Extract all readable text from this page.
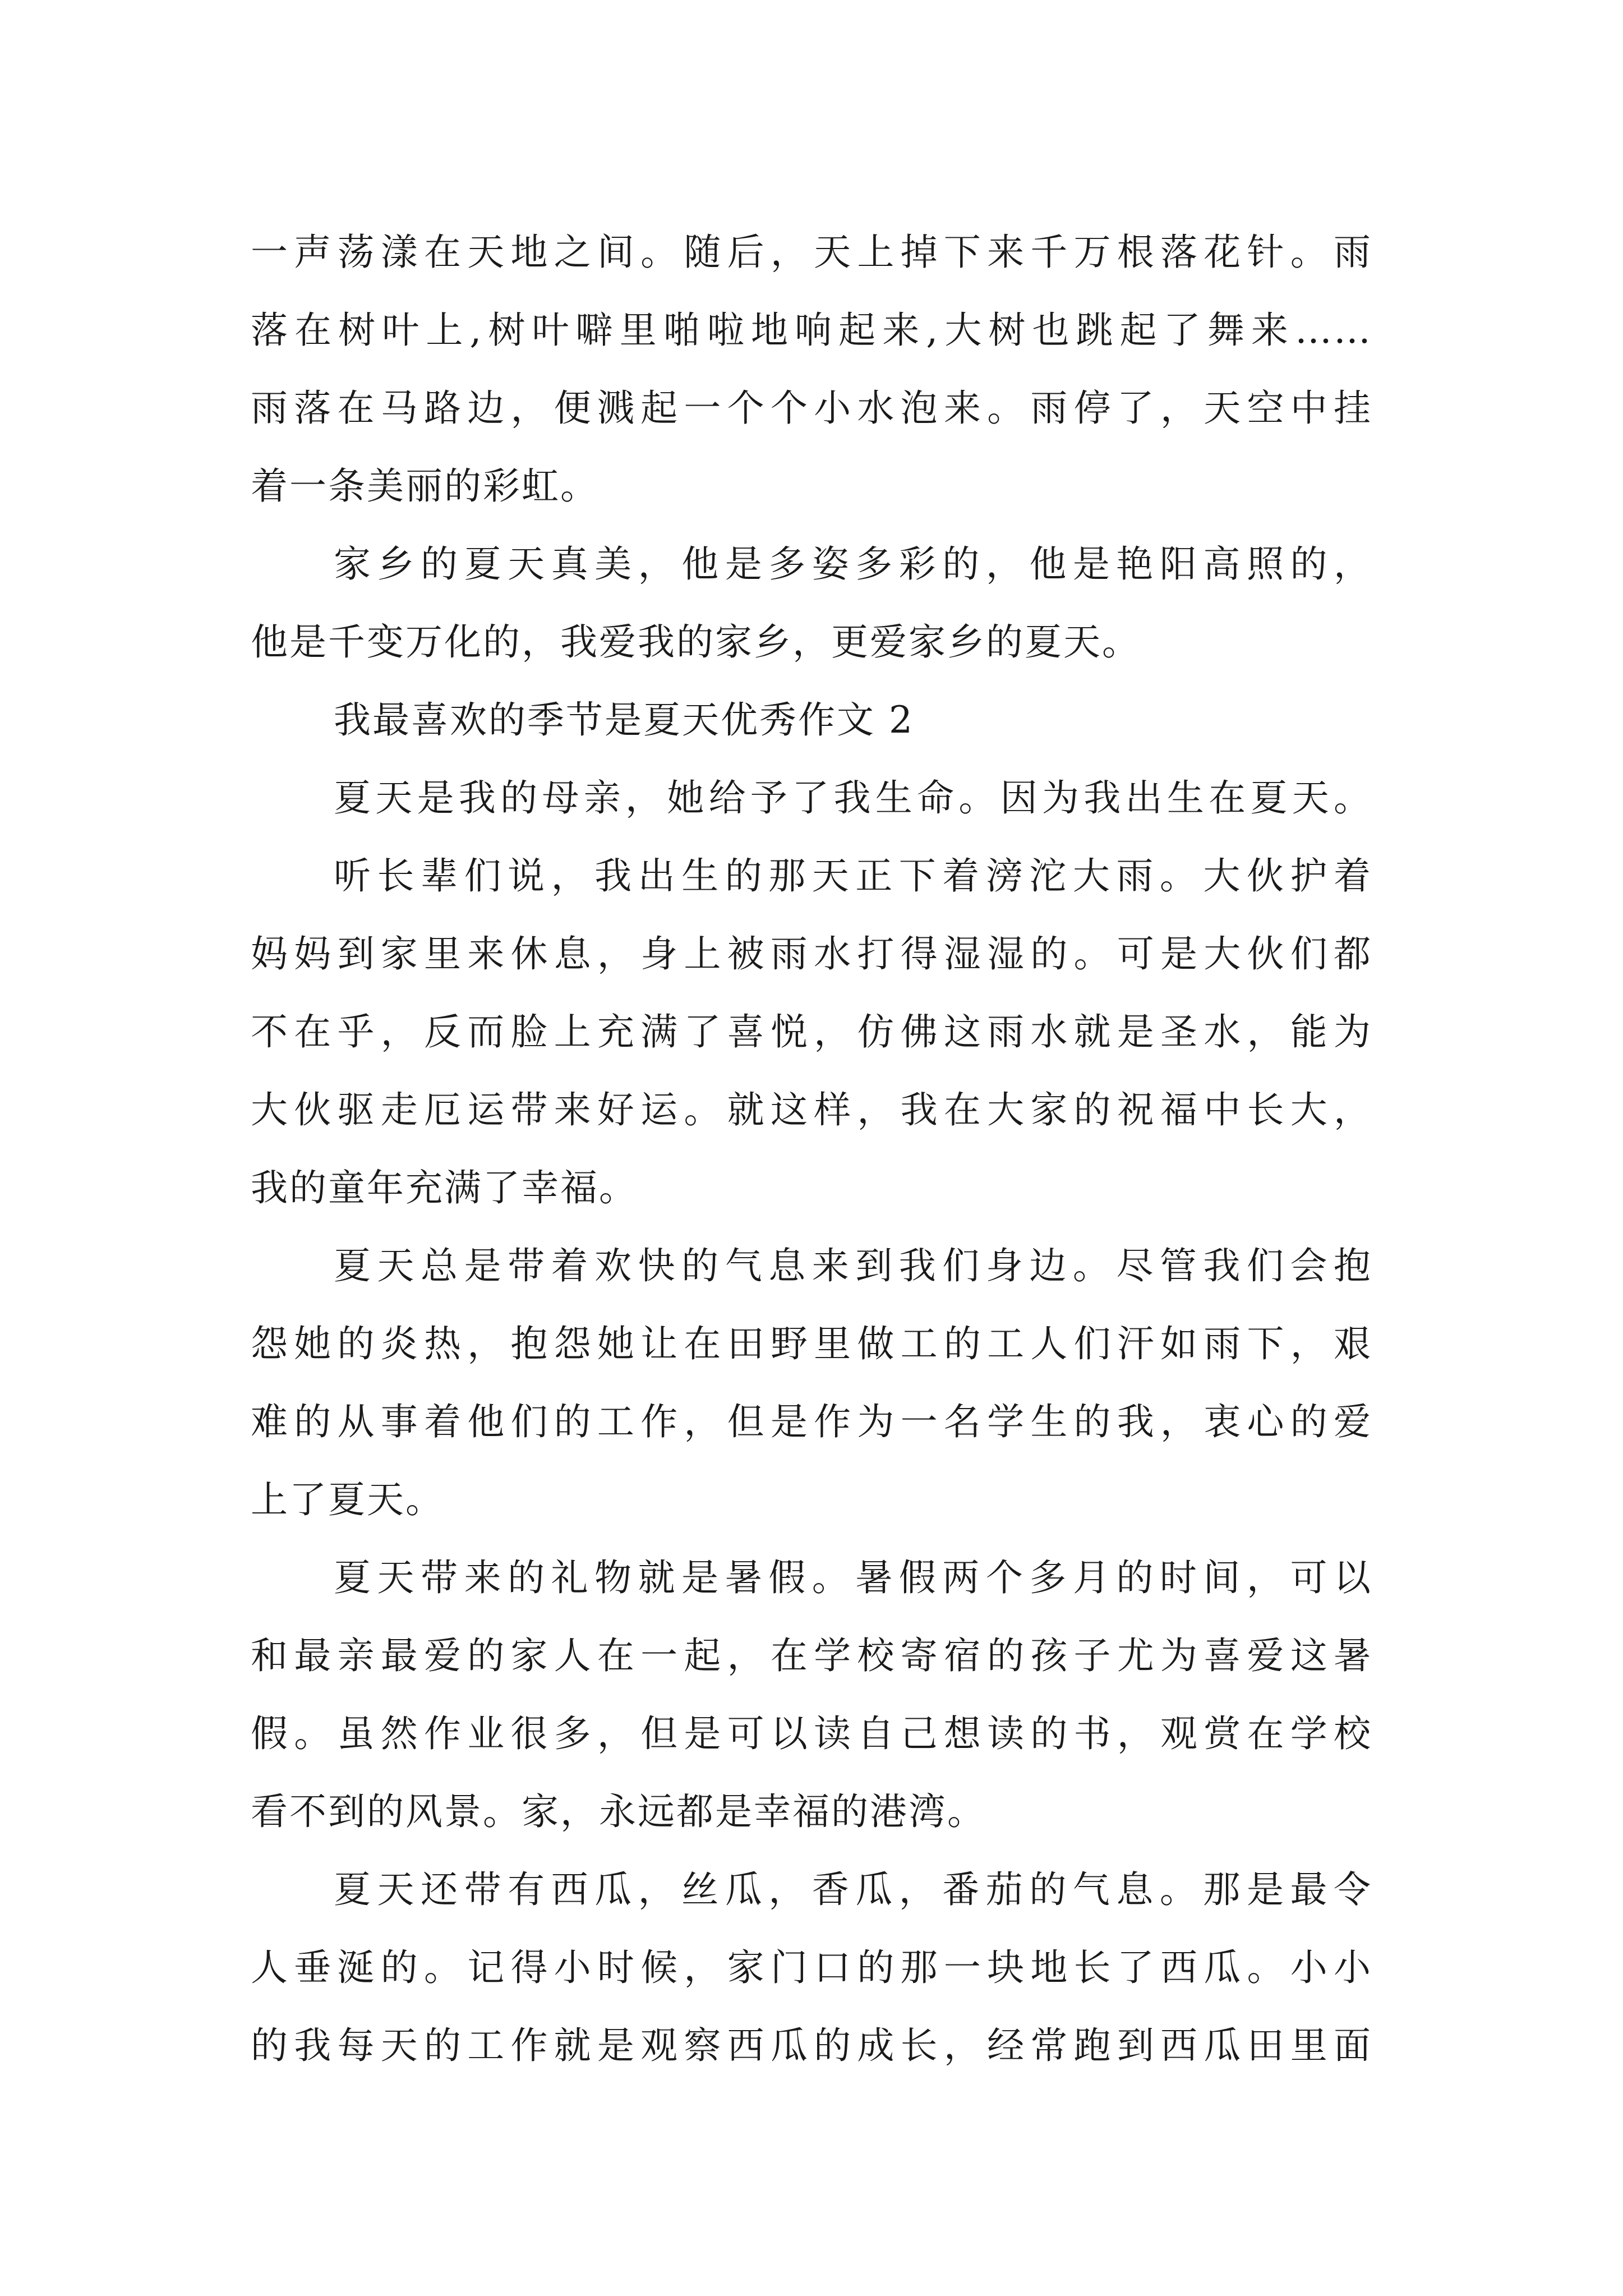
一声荡漾在天地之间。随后，天上掉下来千万根落花针。雨
落在树叶上,树叶噼里啪啦地响起来,大树也跳起了舞来……
雨落在马路边，便溅起一个个小水泡来。雨停了，天空中挂
着一条美丽的彩虹。
家乡的夏天真美，他是多姿多彩的，他是艳阳高照的，
他是千变万化的，我爱我的家乡，更爱家乡的夏天。
我最喜欢的季节是夏天优秀作文 2
夏天是我的母亲，她给予了我生命。因为我出生在夏天。
听长辈们说，我出生的那天正下着滂沱大雨。大伙护着
妈妈到家里来休息，身上被雨水打得湿湿的。可是大伙们都
不在乎，反而脸上充满了喜悦，仿佛这雨水就是圣水，能为
大伙驱走厄运带来好运。就这样，我在大家的祝福中长大，
我的童年充满了幸福。
夏天总是带着欢快的气息来到我们身边。尽管我们会抱
怨她的炎热，抱怨她让在田野里做工的工人们汗如雨下，艰
难的从事着他们的工作，但是作为一名学生的我，衷心的爱
上了夏天。
夏天带来的礼物就是暑假。暑假两个多月的时间，可以
和最亲最爱的家人在一起，在学校寄宿的孩子尤为喜爱这暑
假。虽然作业很多，但是可以读自己想读的书，观赏在学校
看不到的风景。家，永远都是幸福的港湾。
夏天还带有西瓜，丝瓜，香瓜，番茄的气息。那是最令
人垂涎的。记得小时候，家门口的那一块地长了西瓜。小小
的我每天的工作就是观察西瓜的成长，经常跑到西瓜田里面
